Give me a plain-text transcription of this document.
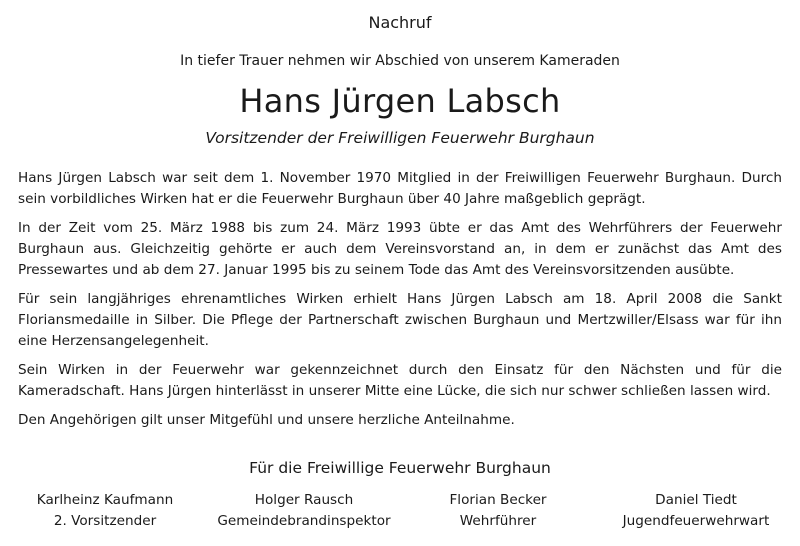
Nachruf
In tiefer Trauer nehmen wir Abschied von unserem Kameraden
Hans Jürgen Labsch
Vorsitzender der Freiwilligen Feuerwehr Burghaun

Hans Jürgen Labsch war seit dem 1. November 1970 Mitglied in der Freiwilligen Feuerwehr Burghaun. Durch sein vorbildliches Wirken hat er die Feuerwehr Burghaun über 40 Jahre maßgeblich geprägt.

In der Zeit vom 25. März 1988 bis zum 24. März 1993 übte er das Amt des Wehrführers der Feuerwehr Burghaun aus. Gleichzeitig gehörte er auch dem Vereinsvorstand an, in dem er zunächst das Amt des Pressewartes und ab dem 27. Januar 1995 bis zu seinem Tode das Amt des Vereinsvorsitzenden ausübte.

Für sein langjähriges ehrenamtliches Wirken erhielt Hans Jürgen Labsch am 18. April 2008 die Sankt Floriansmedaille in Silber. Die Pflege der Partnerschaft zwischen Burghaun und Mertzwiller/Elsass war für ihn eine Herzensangelegenheit.

Sein Wirken in der Feuerwehr war gekennzeichnet durch den Einsatz für den Nächsten und für die Kameradschaft. Hans Jürgen hinterlässt in unserer Mitte eine Lücke, die sich nur schwer schließen lassen wird.

Den Angehörigen gilt unser Mitgefühl und unsere herzliche Anteilnahme.

Für die Freiwillige Feuerwehr Burghaun
Karlheinz Kaufmann
2. Vorsitzender
Holger Rausch
Gemeindebrandinspektor
Florian Becker
Wehrführer
Daniel Tiedt
Jugendfeuerwehrwart
